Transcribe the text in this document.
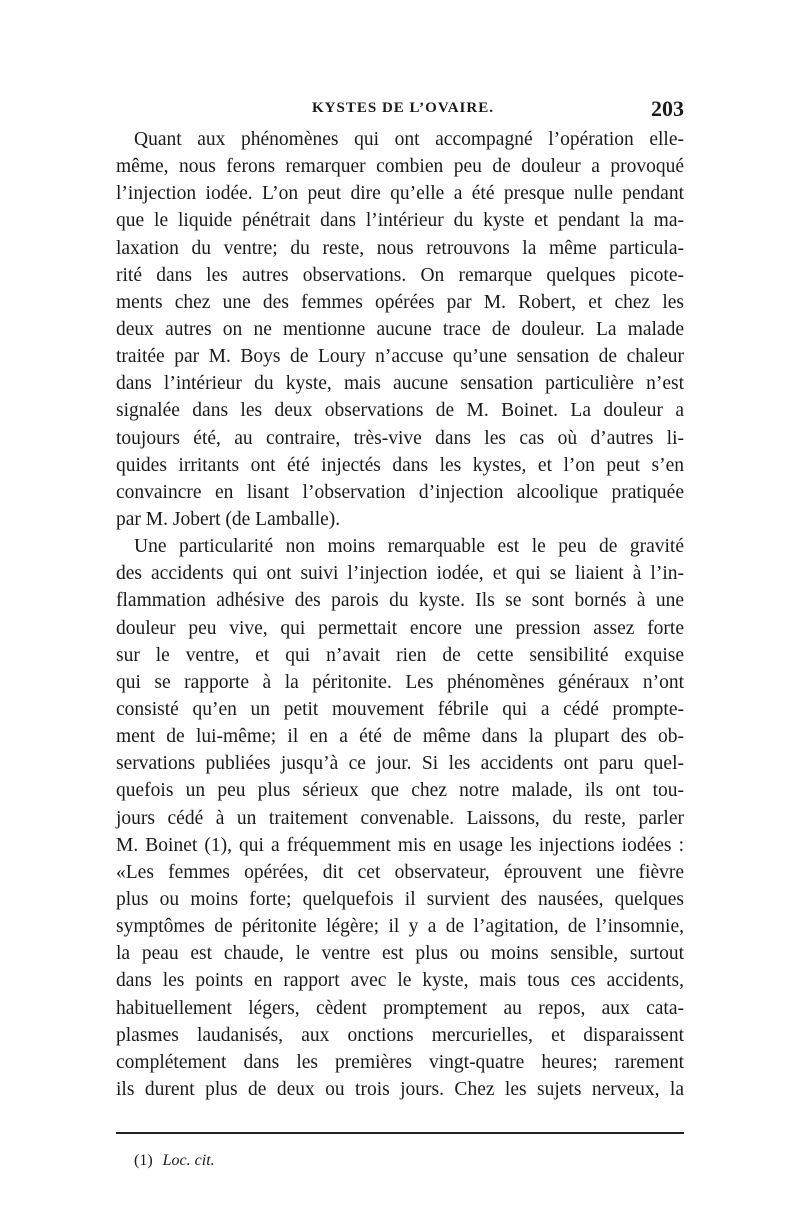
KYSTES DE L’OVAIRE.	203
Quant aux phénomènes qui ont accompagné l’opération elle-
même, nous ferons remarquer combien peu de douleur a provoqué
l’injection iodée. L’on peut dire qu’elle a été presque nulle pendant
que le liquide pénétrait dans l’intérieur du kyste et pendant la ma-
laxation du ventre; du reste, nous retrouvons la même particula-
rité dans les autres observations. On remarque quelques picote-
ments chez une des femmes opérées par M. Robert, et chez les
deux autres on ne mentionne aucune trace de douleur. La malade
traitée par M. Boys de Loury n’accuse qu’une sensation de chaleur
dans l’intérieur du kyste, mais aucune sensation particulière n’est
signalée dans les deux observations de M. Boinet. La douleur a
toujours été, au contraire, très-vive dans les cas où d’autres li-
quides irritants ont été injectés dans les kystes, et l’on peut s’en
convaincre en lisant l’observation d’injection alcoolique pratiquée
par M. Jobert (de Lamballe).
Une particularité non moins remarquable est le peu de gravité
des accidents qui ont suivi l’injection iodée, et qui se liaient à l’in-
flammation adhésive des parois du kyste. Ils se sont bornés à une
douleur peu vive, qui permettait encore une pression assez forte
sur le ventre, et qui n’avait rien de cette sensibilité exquise
qui se rapporte à la péritonite. Les phénomènes généraux n’ont
consisté qu’en un petit mouvement fébrile qui a cédé prompte-
ment de lui-même; il en a été de même dans la plupart des ob-
servations publiées jusqu’à ce jour. Si les accidents ont paru quel-
quefois un peu plus sérieux que chez notre malade, ils ont tou-
jours cédé à un traitement convenable. Laissons, du reste, parler
M. Boinet (1), qui a fréquemment mis en usage les injections iodées :
«Les femmes opérées, dit cet observateur, éprouvent une fièvre
plus ou moins forte; quelquefois il survient des nausées, quelques
symptômes de péritonite légère; il y a de l’agitation, de l’insomnie,
la peau est chaude, le ventre est plus ou moins sensible, surtout
dans les points en rapport avec le kyste, mais tous ces accidents,
habituellement légers, cèdent promptement au repos, aux cata-
plasmes laudanisés, aux onctions mercurielles, et disparaissent
complétement dans les premières vingt-quatre heures; rarement
ils durent plus de deux ou trois jours. Chez les sujets nerveux, la
(1) Loc. cit.
